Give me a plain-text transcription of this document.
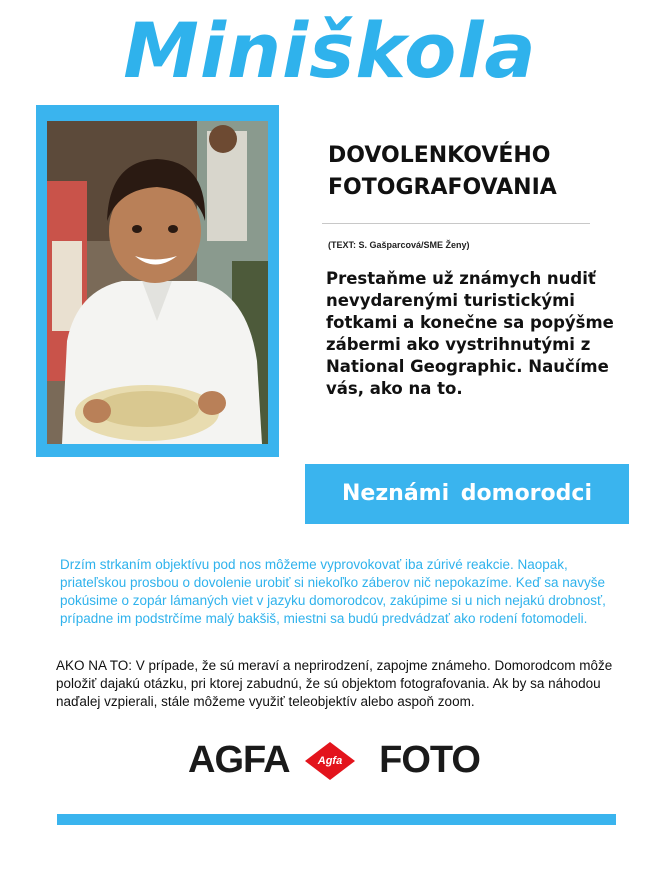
Miniškola
DOVOLENKOVÉHO
FOTOGRAFOVANIA
(TEXT: S. Gašparcová/SME Ženy)
Prestaňme už známych nudiť nevydarenými turistickými fotkami a konečne sa popýšme zábermi ako vystrihnutými z National Geographic. Naučíme vás, ako na to.
Neznámi domorodci
Drzím strkaním objektívu pod nos môžeme vyprovokovať iba zúrivé reakcie. Naopak, priateľskou prosbou o dovolenie urobiť si niekoľko záberov nič nepokazíme. Keď sa navyše pokúsime o zopár lámaných viet v jazyku domorodcov, zakúpime si u nich nejakú drobnosť, prípadne im podstrčíme malý bakšiš, miestni sa budú predvádzať ako rodení fotomodeli.
AKO NA TO: V prípade, že sú meraví a neprirodzení, zapojme známeho. Domorodcom môže položiť dajakú otázku, pri ktorej zabudnú, že sú objektom fotografovania. Ak by sa náhodou naďalej vzpierali, stále môžeme využiť teleobjektív alebo aspoň zoom.
AGFA	Agfa FOTO
